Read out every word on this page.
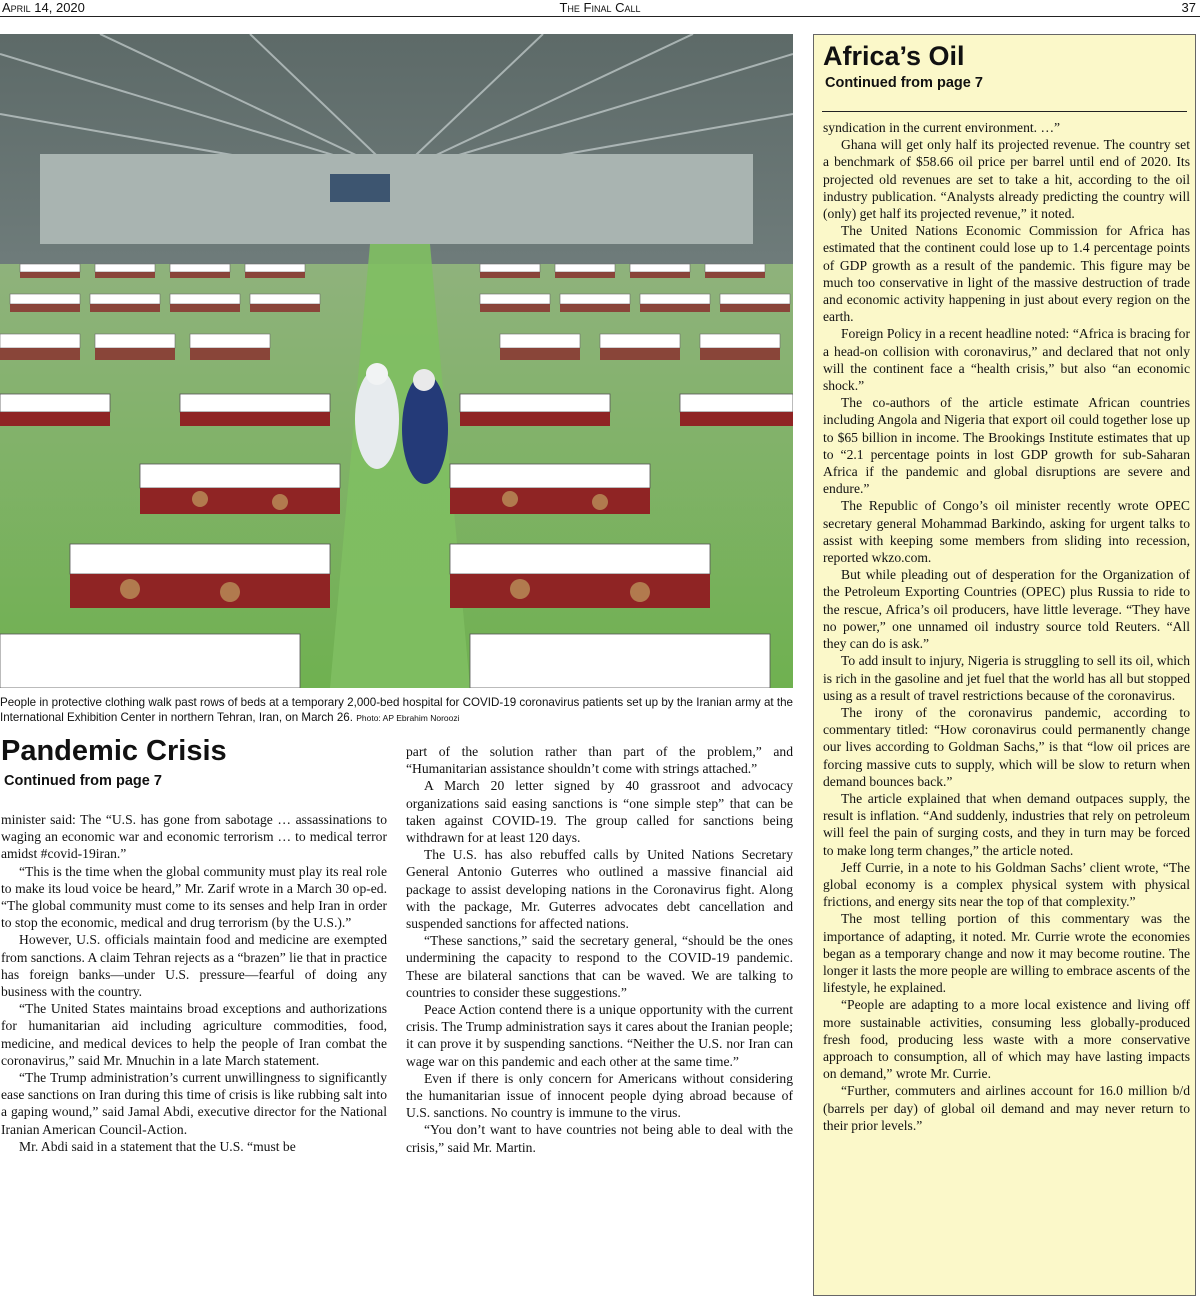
The Final Call
April 14, 2020	37
People in protective clothing walk past rows of beds at a temporary 2,000-bed hospital for COVID-19 coronavirus patients set up by the Iranian army at the International Exhibition Center in northern Tehran, Iran, on March 26. Photo: AP Ebrahim Noroozi
Pandemic Crisis
Continued from page 7

minister said: The “U.S. has gone from sabotage … assassinations to waging an economic war and economic terrorism … to medical terror amidst #covid-19iran.”

“This is the time when the global community must play its real role to make its loud voice be heard,” Mr. Zarif wrote in a March 30 op-ed. “The global community must come to its senses and help Iran in order to stop the economic, medical and drug terrorism (by the U.S.).”

However, U.S. officials maintain food and medicine are exempted from sanctions. A claim Tehran rejects as a “brazen” lie that in practice has foreign banks—under U.S. pressure—fearful of doing any business with the country.

“The United States maintains broad exceptions and authorizations for humanitarian aid including agriculture commodities, food, medicine, and medical devices to help the people of Iran combat the coronavirus,” said Mr. Mnuchin in a late March statement.

“The Trump administration’s current unwillingness to significantly ease sanctions on Iran during this time of crisis is like rubbing salt into a gaping wound,” said Jamal Abdi, executive director for the National Iranian American Council-Action.

Mr. Abdi said in a statement that the U.S. “must be

part of the solution rather than part of the problem,” and “Humanitarian assistance shouldn’t come with strings attached.”

A March 20 letter signed by 40 grassroot and advocacy organizations said easing sanctions is “one simple step” that can be taken against COVID-19. The group called for sanctions being withdrawn for at least 120 days.

The U.S. has also rebuffed calls by United Nations Secretary General Antonio Guterres who outlined a massive financial aid package to assist developing nations in the Coronavirus fight. Along with the package, Mr. Guterres advocates debt cancellation and suspended sanctions for affected nations.

“These sanctions,” said the secretary general, “should be the ones undermining the capacity to respond to the COVID-19 pandemic. These are bilateral sanctions that can be waved. We are talking to countries to consider these suggestions.”

Peace Action contend there is a unique opportunity with the current crisis. The Trump administration says it cares about the Iranian people; it can prove it by suspending sanctions. “Neither the U.S. nor Iran can wage war on this pandemic and each other at the same time.”

Even if there is only concern for Americans without considering the humanitarian issue of innocent people dying abroad because of U.S. sanctions. No country is immune to the virus.

“You don’t want to have countries not being able to deal with the crisis,” said Mr. Martin.

Africa’s Oil
Continued from page 7

syndication in the current environment. …”

Ghana will get only half its projected revenue. The country set a benchmark of $58.66 oil price per barrel until end of 2020. Its projected old revenues are set to take a hit, according to the oil industry publication. “Analysts already predicting the country will (only) get half its projected revenue,” it noted.

The United Nations Economic Commission for Africa has estimated that the continent could lose up to 1.4 percentage points of GDP growth as a result of the pandemic. This figure may be much too conservative in light of the massive destruction of trade and economic activity happening in just about every region on the earth.

Foreign Policy in a recent headline noted: “Africa is bracing for a head-on collision with coronavirus,” and declared that not only will the continent face a “health crisis,” but also “an economic shock.”

The co-authors of the article estimate African countries including Angola and Nigeria that export oil could together lose up to $65 billion in income. The Brookings Institute estimates that up to “2.1 percentage points in lost GDP growth for sub-Saharan Africa if the pandemic and global disruptions are severe and endure.”

The Republic of Congo’s oil minister recently wrote OPEC secretary general Mohammad Barkindo, asking for urgent talks to assist with keeping some members from sliding into recession, reported wkzo.com.

But while pleading out of desperation for the Organization of the Petroleum Exporting Countries (OPEC) plus Russia to ride to the rescue, Africa’s oil producers, have little leverage. “They have no power,” one unnamed oil industry source told Reuters. “All they can do is ask.”

To add insult to injury, Nigeria is struggling to sell its oil, which is rich in the gasoline and jet fuel that the world has all but stopped using as a result of travel restrictions because of the coronavirus.

The irony of the coronavirus pandemic, according to commentary titled: “How coronavirus could permanently change our lives according to Goldman Sachs,” is that “low oil prices are forcing massive cuts to supply, which will be slow to return when demand bounces back.”

The article explained that when demand outpaces supply, the result is inflation. “And suddenly, industries that rely on petroleum will feel the pain of surging costs, and they in turn may be forced to make long term changes,” the article noted.

Jeff Currie, in a note to his Goldman Sachs’ client wrote, “The global economy is a complex physical system with physical frictions, and energy sits near the top of that complexity.”

The most telling portion of this commentary was the importance of adapting, it noted. Mr. Currie wrote the economies began as a temporary change and now it may become routine. The longer it lasts the more people are willing to embrace ascents of the lifestyle, he explained.

“People are adapting to a more local existence and living off more sustainable activities, consuming less globally-produced fresh food, producing less waste with a more conservative approach to consumption, all of which may have lasting impacts on demand,” wrote Mr. Currie.

“Further, commuters and airlines account for 16.0 million b/d (barrels per day) of global oil demand and may never return to their prior levels.”
